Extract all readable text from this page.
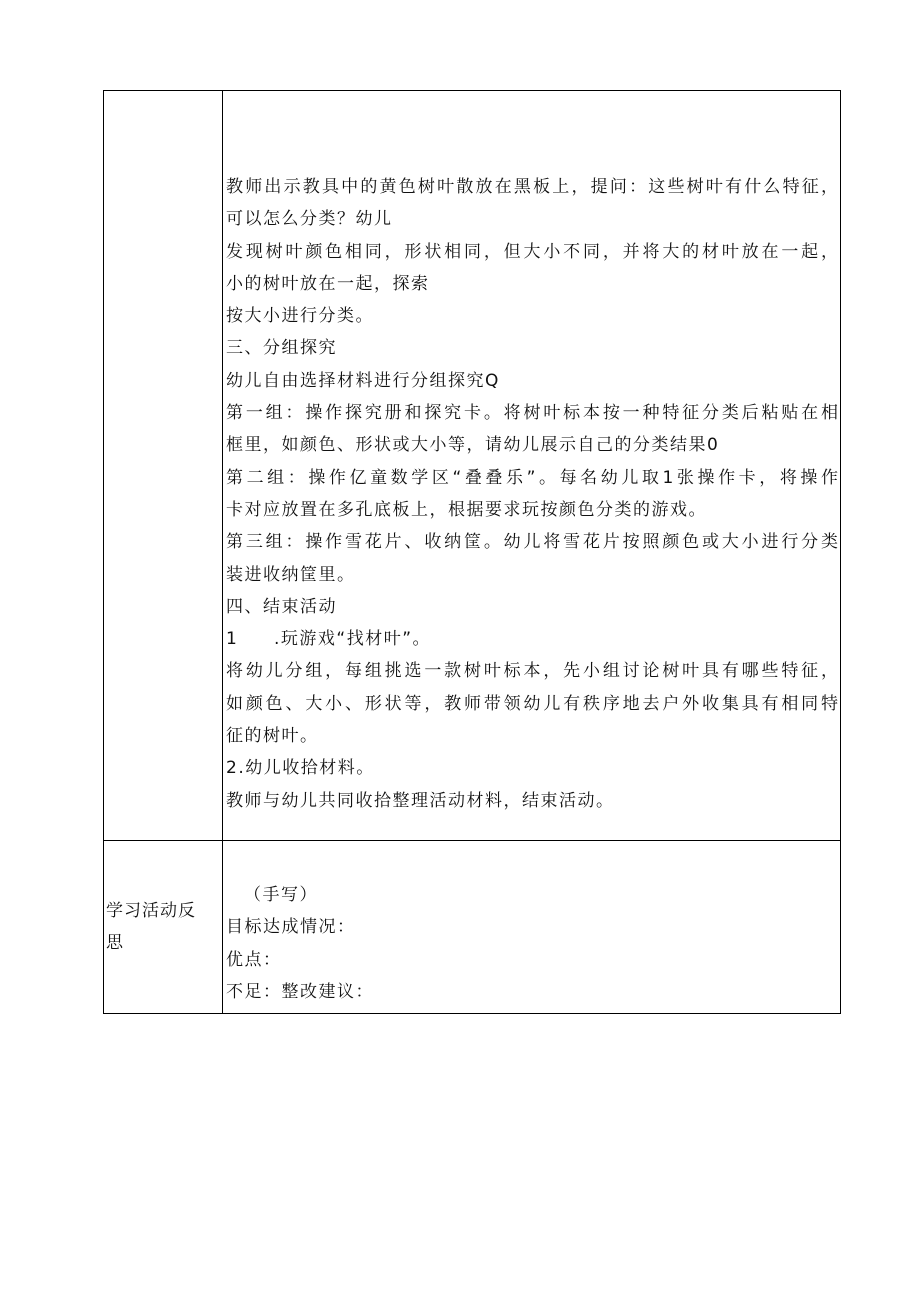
教师出示教具中的黄色树叶散放在黑板上，提问：这些树叶有什么特征，
可以怎么分类？幼儿
发现树叶颜色相同，形状相同，但大小不同，并将大的材叶放在一起，
小的树叶放在一起，探索
按大小进行分类。
三、分组探究
幼儿自由选择材料进行分组探究Q
第一组：操作探究册和探究卡。将树叶标本按一种特征分类后粘贴在相
框里，如颜色、形状或大小等，请幼儿展示自己的分类结果0
第二组：操作亿童数学区“叠叠乐”。每名幼儿取1张操作卡，将操作
卡对应放置在多孔底板上，根据要求玩按颜色分类的游戏。
第三组：操作雪花片、收纳筐。幼儿将雪花片按照颜色或大小进行分类
装进收纳筐里。
四、结束活动
1 .玩游戏“找材叶”。
将幼儿分组，每组挑选一款树叶标本，先小组讨论树叶具有哪些特征，
如颜色、大小、形状等，教师带领幼儿有秩序地去户外收集具有相同特
征的树叶。
2.幼儿收拾材料。
教师与幼儿共同收拾整理活动材料，结束活动。
学习活动反
思
（手写）
目标达成情况：
优点：
不足：整改建议：
